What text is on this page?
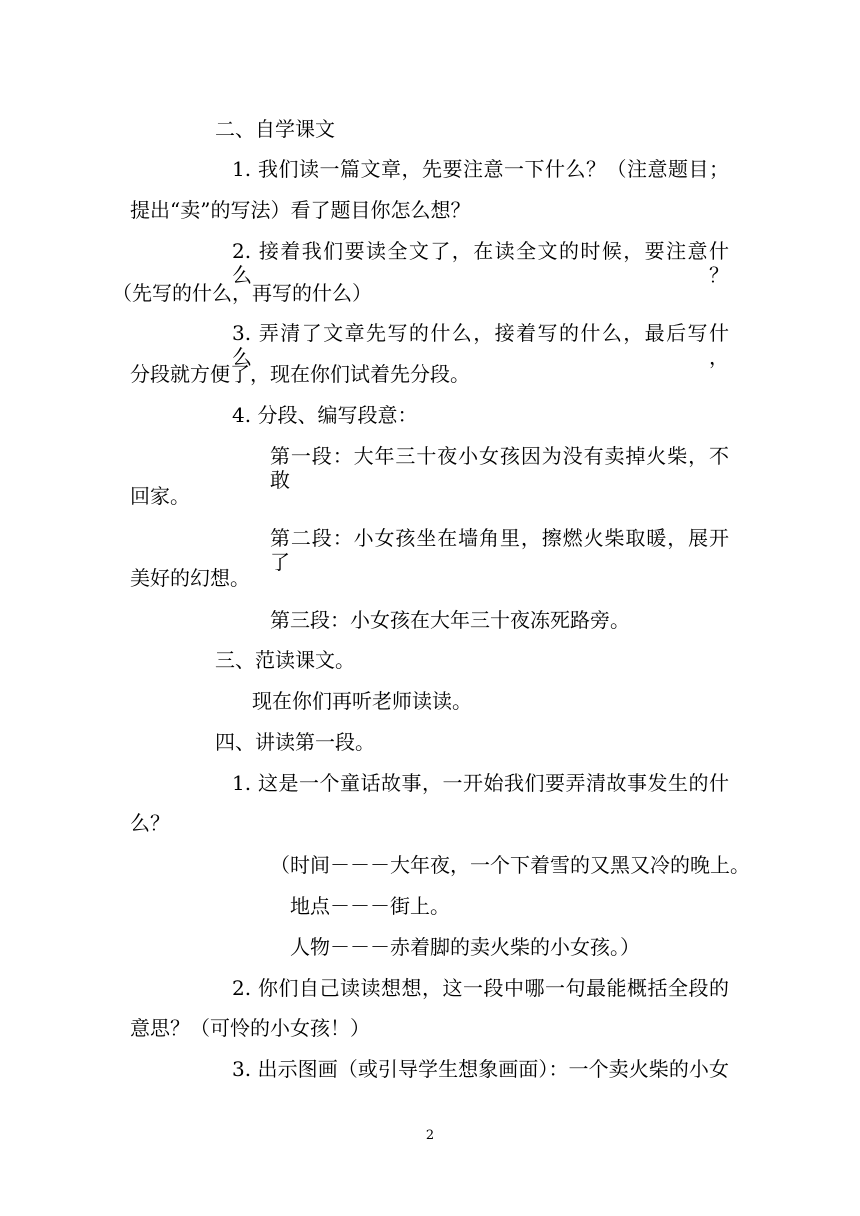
二、自学课文
1. 我们读一篇文章，先要注意一下什么？（注意题目；
提出“卖”的写法）看了题目你怎么想？
2. 接着我们要读全文了，在读全文的时候，要注意什么？
（先写的什么，再写的什么）
3. 弄清了文章先写的什么，接着写的什么，最后写什么，
分段就方便了，现在你们试着先分段。
4. 分段、编写段意：
第一段：大年三十夜小女孩因为没有卖掉火柴，不敢
回家。
第二段：小女孩坐在墙角里，擦燃火柴取暖，展开了
美好的幻想。
第三段：小女孩在大年三十夜冻死路旁。
三、范读课文。
现在你们再听老师读读。
四、讲读第一段。
1. 这是一个童话故事，一开始我们要弄清故事发生的什
么？
（时间－－－大年夜，一个下着雪的又黑又冷的晚上。
地点－－－街上。
人物－－－赤着脚的卖火柴的小女孩。）
2. 你们自己读读想想，这一段中哪一句最能概括全段的
意思？（可怜的小女孩！）
3. 出示图画（或引导学生想象画面）：一个卖火柴的小女
2
